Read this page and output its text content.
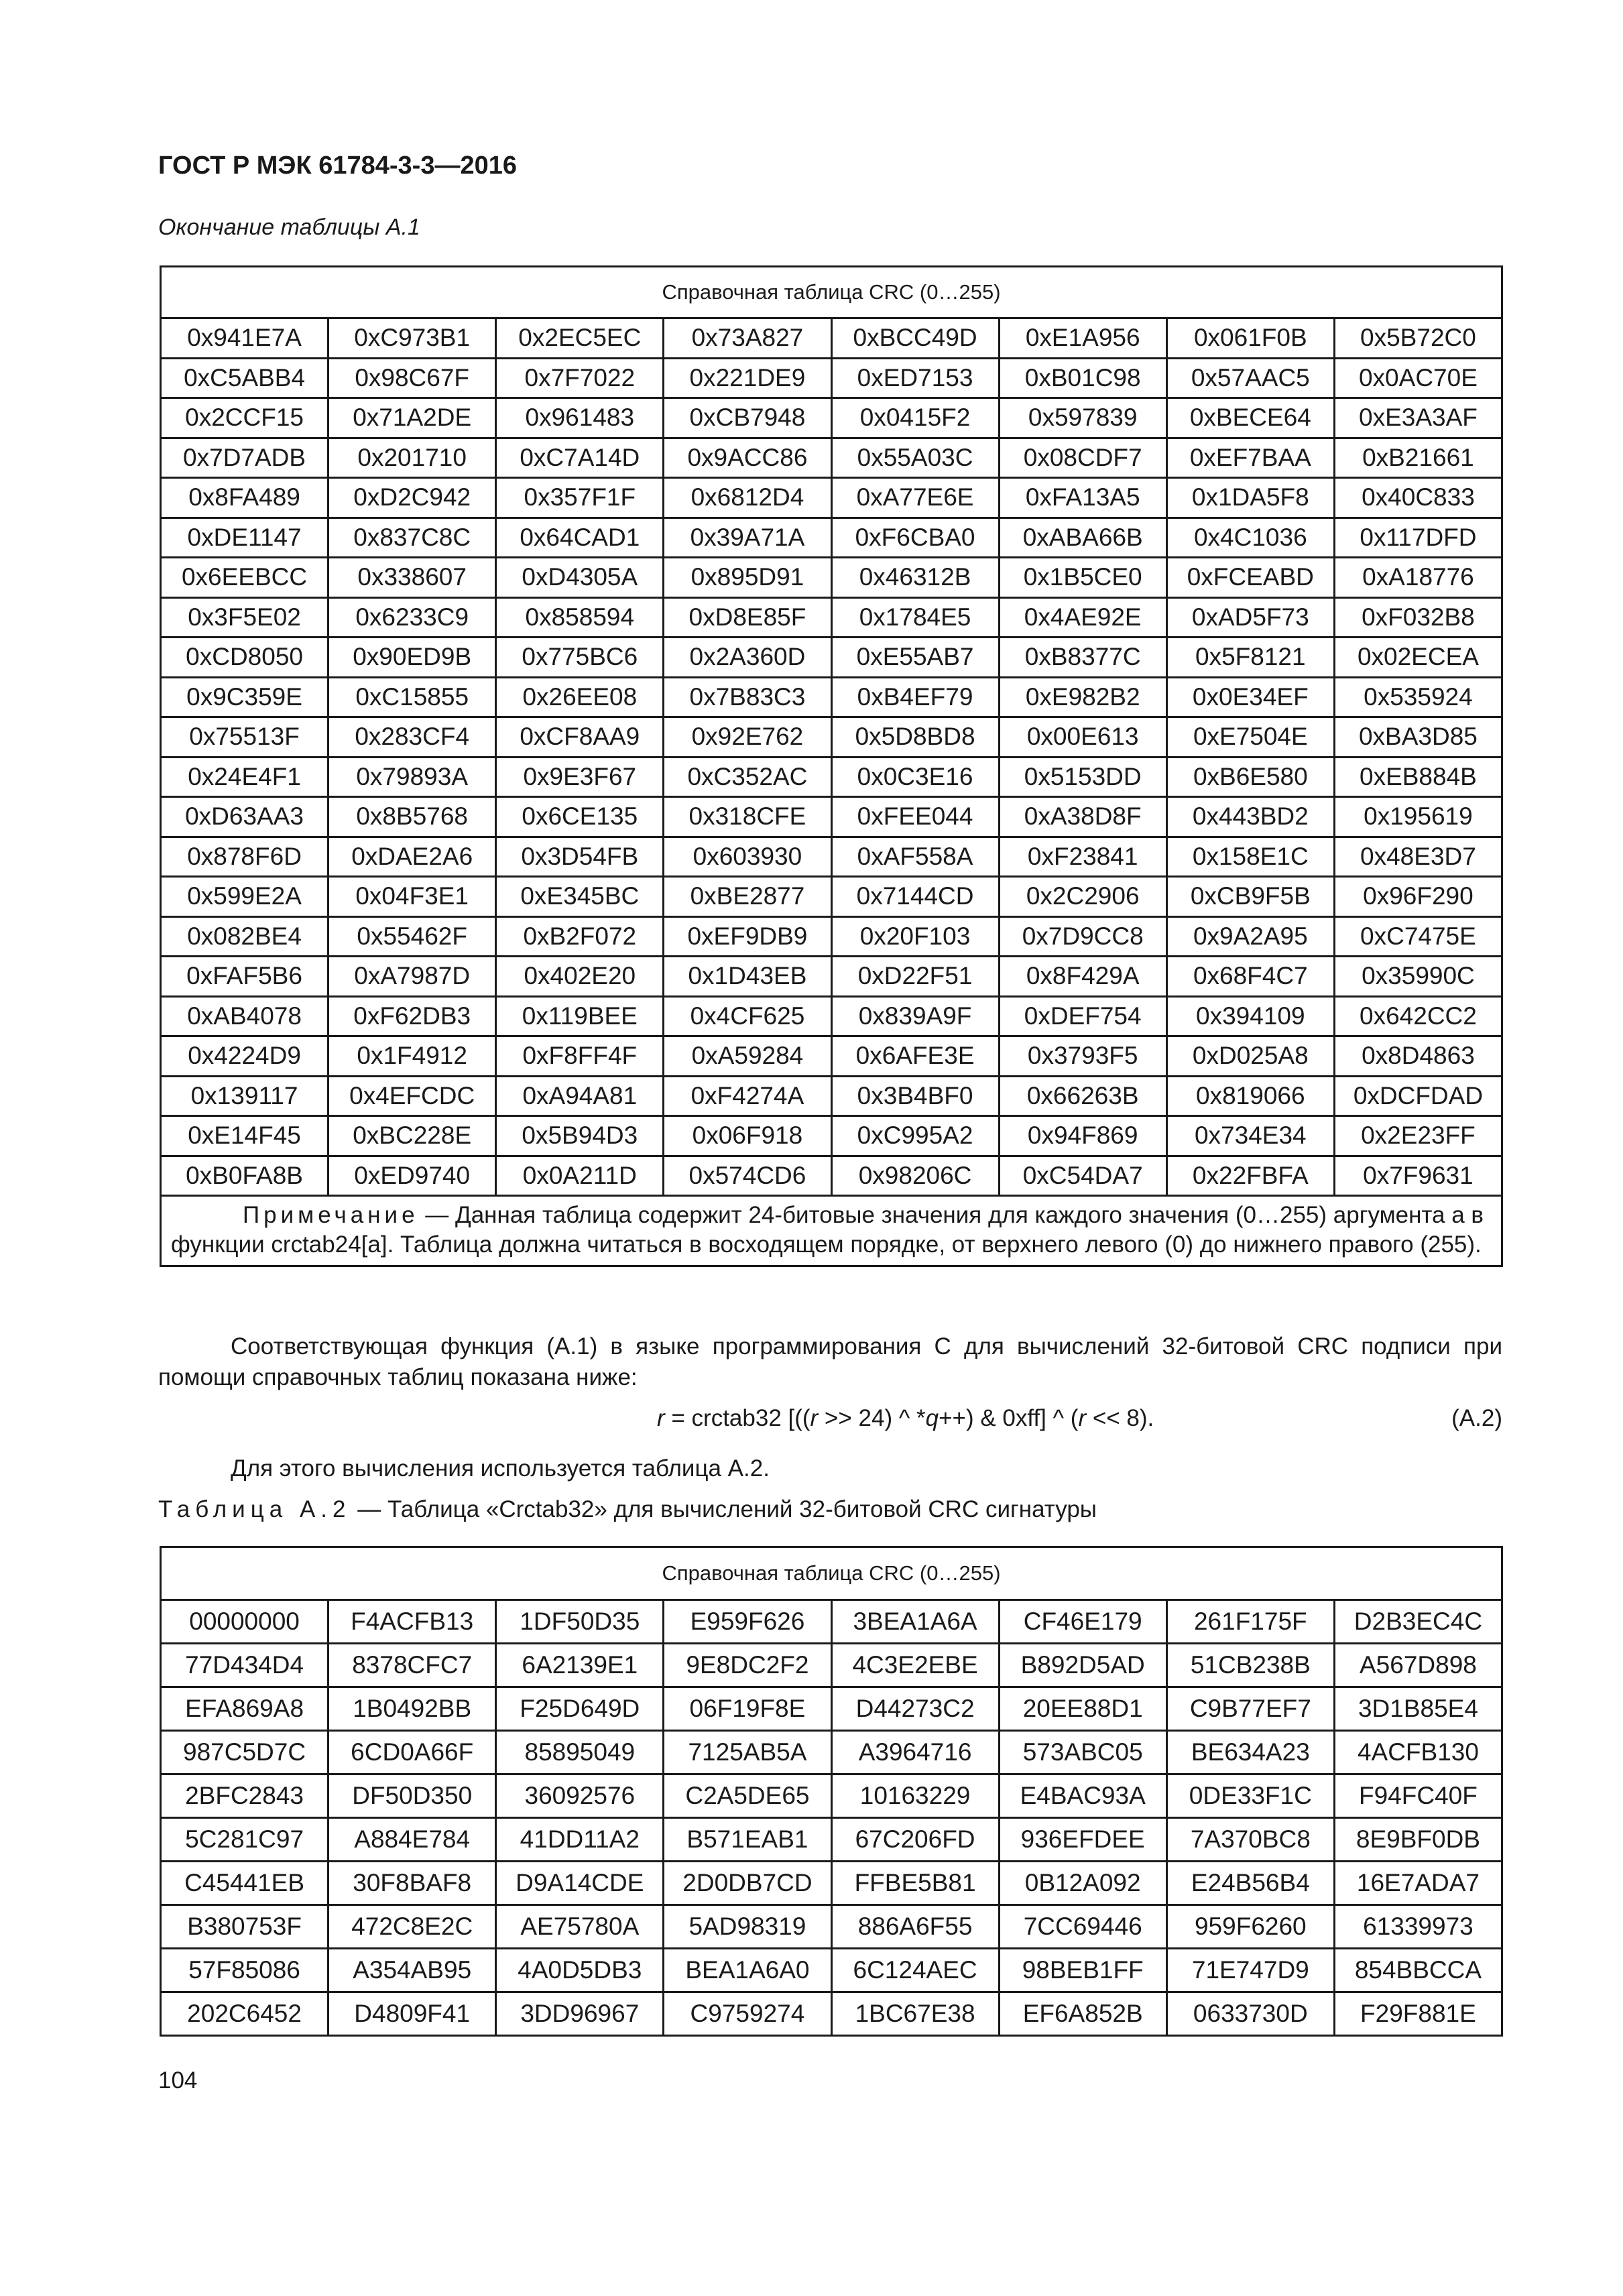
ГОСТ Р МЭК 61784-3-3—2016

Окончание таблицы А.1

Справочная таблица CRC (0…255)							
0x941E7A	0xC973B1	0x2EC5EC	0x73A827	0xBCC49D	0xE1A956	0x061F0B	0x5B72C0
0xC5ABB4	0x98C67F	0x7F7022	0x221DE9	0xED7153	0xB01C98	0x57AAC5	0x0AC70E
0x2CCF15	0x71A2DE	0x961483	0xCB7948	0x0415F2	0x597839	0xBECE64	0xE3A3AF
0x7D7ADB	0x201710	0xC7A14D	0x9ACC86	0x55A03C	0x08CDF7	0xEF7BAA	0xB21661
0x8FA489	0xD2C942	0x357F1F	0x6812D4	0xA77E6E	0xFA13A5	0x1DA5F8	0x40C833
0xDE1147	0x837C8C	0x64CAD1	0x39A71A	0xF6CBA0	0xABA66B	0x4C1036	0x117DFD
0x6EEBCC	0x338607	0xD4305A	0x895D91	0x46312B	0x1B5CE0	0xFCEABD	0xA18776
0x3F5E02	0x6233C9	0x858594	0xD8E85F	0x1784E5	0x4AE92E	0xAD5F73	0xF032B8
0xCD8050	0x90ED9B	0x775BC6	0x2A360D	0xE55AB7	0xB8377C	0x5F8121	0x02ECEA
0x9C359E	0xC15855	0x26EE08	0x7B83C3	0xB4EF79	0xE982B2	0x0E34EF	0x535924
0x75513F	0x283CF4	0xCF8AA9	0x92E762	0x5D8BD8	0x00E613	0xE7504E	0xBA3D85
0x24E4F1	0x79893A	0x9E3F67	0xC352AC	0x0C3E16	0x5153DD	0xB6E580	0xEB884B
0xD63AA3	0x8B5768	0x6CE135	0x318CFE	0xFEE044	0xA38D8F	0x443BD2	0x195619
0x878F6D	0xDAE2A6	0x3D54FB	0x603930	0xAF558A	0xF23841	0x158E1C	0x48E3D7
0x599E2A	0x04F3E1	0xE345BC	0xBE2877	0x7144CD	0x2C2906	0xCB9F5B	0x96F290
0x082BE4	0x55462F	0xB2F072	0xEF9DB9	0x20F103	0x7D9CC8	0x9A2A95	0xC7475E
0xFAF5B6	0xA7987D	0x402E20	0x1D43EB	0xD22F51	0x8F429A	0x68F4C7	0x35990C
0xAB4078	0xF62DB3	0x119BEE	0x4CF625	0x839A9F	0xDEF754	0x394109	0x642CC2
0x4224D9	0x1F4912	0xF8FF4F	0xA59284	0x6AFE3E	0x3793F5	0xD025A8	0x8D4863
0x139117	0x4EFCDC	0xA94A81	0xF4274A	0x3B4BF0	0x66263B	0x819066	0xDCFDAD
0xE14F45	0xBC228E	0x5B94D3	0x06F918	0xC995A2	0x94F869	0x734E34	0x2E23FF
0xB0FA8B	0xED9740	0x0A211D	0x574CD6	0x98206C	0xC54DA7	0x22FBFA	0x7F9631
Примечание — Данная таблица содержит 24-битовые значения для каждого значения (0…255) аргумента а в функции crctab24[a]. Таблица должна читаться в восходящем порядке, от верхнего левого (0) до нижнего правого (255).							

Соответствующая функция (А.1) в языке программирования C для вычислений 32-битовой CRC подписи при помощи справочных таблиц показана ниже:

r = crctab32 [((r >> 24) ^ *q++) & 0xff] ^ (r << 8).	(А.2)

Для этого вычисления используется таблица А.2.

Таблица А.2 — Таблица «Crctab32» для вычислений 32-битовой CRC сигнатуры

Справочная таблица CRC (0…255)							
00000000	F4ACFB13	1DF50D35	E959F626	3BEA1A6A	CF46E179	261F175F	D2B3EC4C
77D434D4	8378CFC7	6A2139E1	9E8DC2F2	4C3E2EBE	B892D5AD	51CB238B	A567D898
EFA869A8	1B0492BB	F25D649D	06F19F8E	D44273C2	20EE88D1	C9B77EF7	3D1B85E4
987C5D7C	6CD0A66F	85895049	7125AB5A	A3964716	573ABC05	BE634A23	4ACFB130
2BFC2843	DF50D350	36092576	C2A5DE65	10163229	E4BAC93A	0DE33F1C	F94FC40F
5C281C97	A884E784	41DD11A2	B571EAB1	67C206FD	936EFDEE	7A370BC8	8E9BF0DB
C45441EB	30F8BAF8	D9A14CDE	2D0DB7CD	FFBE5B81	0B12A092	E24B56B4	16E7ADA7
B380753F	472C8E2C	AE75780A	5AD98319	886A6F55	7CC69446	959F6260	61339973
57F85086	A354AB95	4A0D5DB3	BEA1A6A0	6C124AEC	98BEB1FF	71E747D9	854BBCCA
202C6452	D4809F41	3DD96967	C9759274	1BC67E38	EF6A852B	0633730D	F29F881E

104
